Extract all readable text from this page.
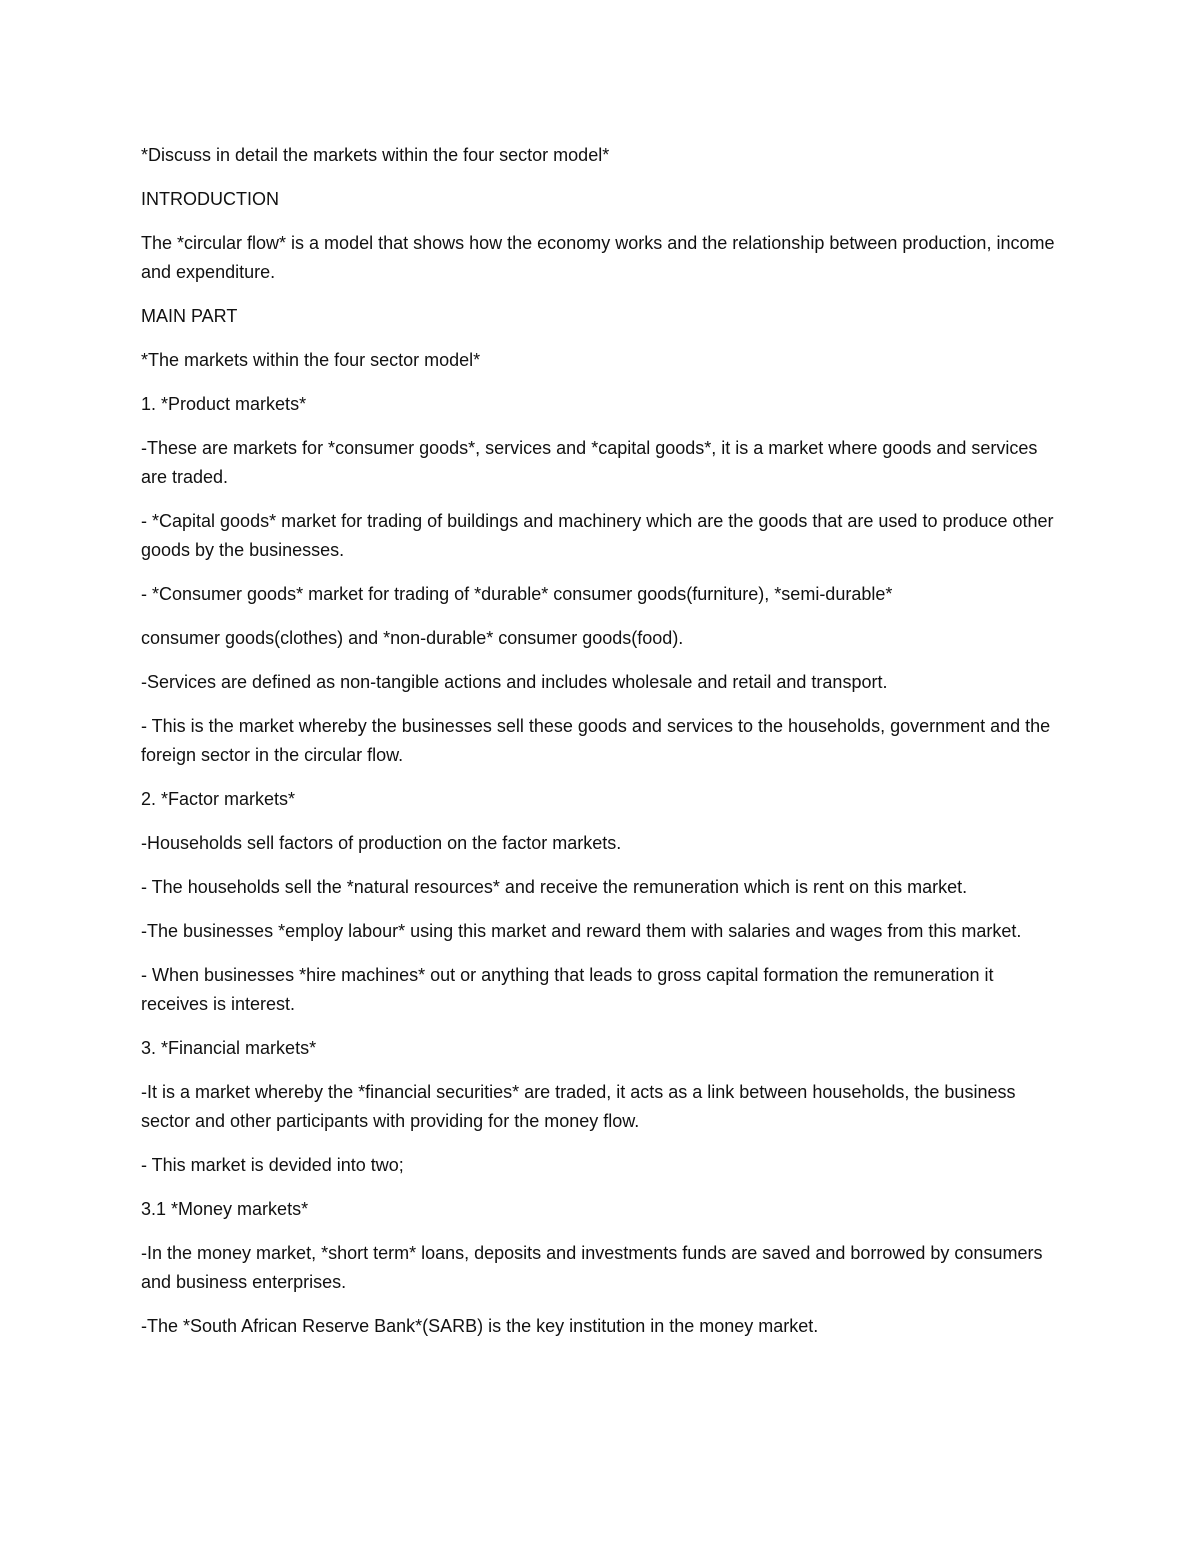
*Discuss in detail the markets within the four sector model*

INTRODUCTION

The *circular flow* is a model that shows how the economy works and the relationship between production, income and expenditure.

MAIN PART

*The markets within the four sector model*

1. *Product markets*

-These are markets for *consumer goods*, services and *capital goods*, it is a market where goods and services are traded.

- *Capital goods* market for trading of buildings and machinery which are the goods that are used to produce other goods by the businesses.

- *Consumer goods* market for trading of *durable* consumer goods(furniture), *semi-durable*

consumer goods(clothes) and *non-durable* consumer goods(food).

-Services are defined as non-tangible actions and includes wholesale and retail and transport.

- This is the market whereby the businesses sell these goods and services to the households, government and the foreign sector in the circular flow.

2. *Factor markets*

-Households sell factors of production on the factor markets.

- The households sell the *natural resources* and receive the remuneration which is rent on this market.

-The businesses *employ labour* using this market and reward them with salaries and wages from this market.

- When businesses *hire machines* out or anything that leads to gross capital formation the remuneration it receives is interest.

3. *Financial markets*

-It is a market whereby the *financial securities* are traded, it acts as a link between households, the business sector and other participants with providing for the money flow.

- This market is devided into two;

3.1 *Money markets*

-In the money market, *short term* loans, deposits and investments funds are saved and borrowed by consumers and business enterprises.

-The *South African Reserve Bank*(SARB) is the key institution in the money market.
